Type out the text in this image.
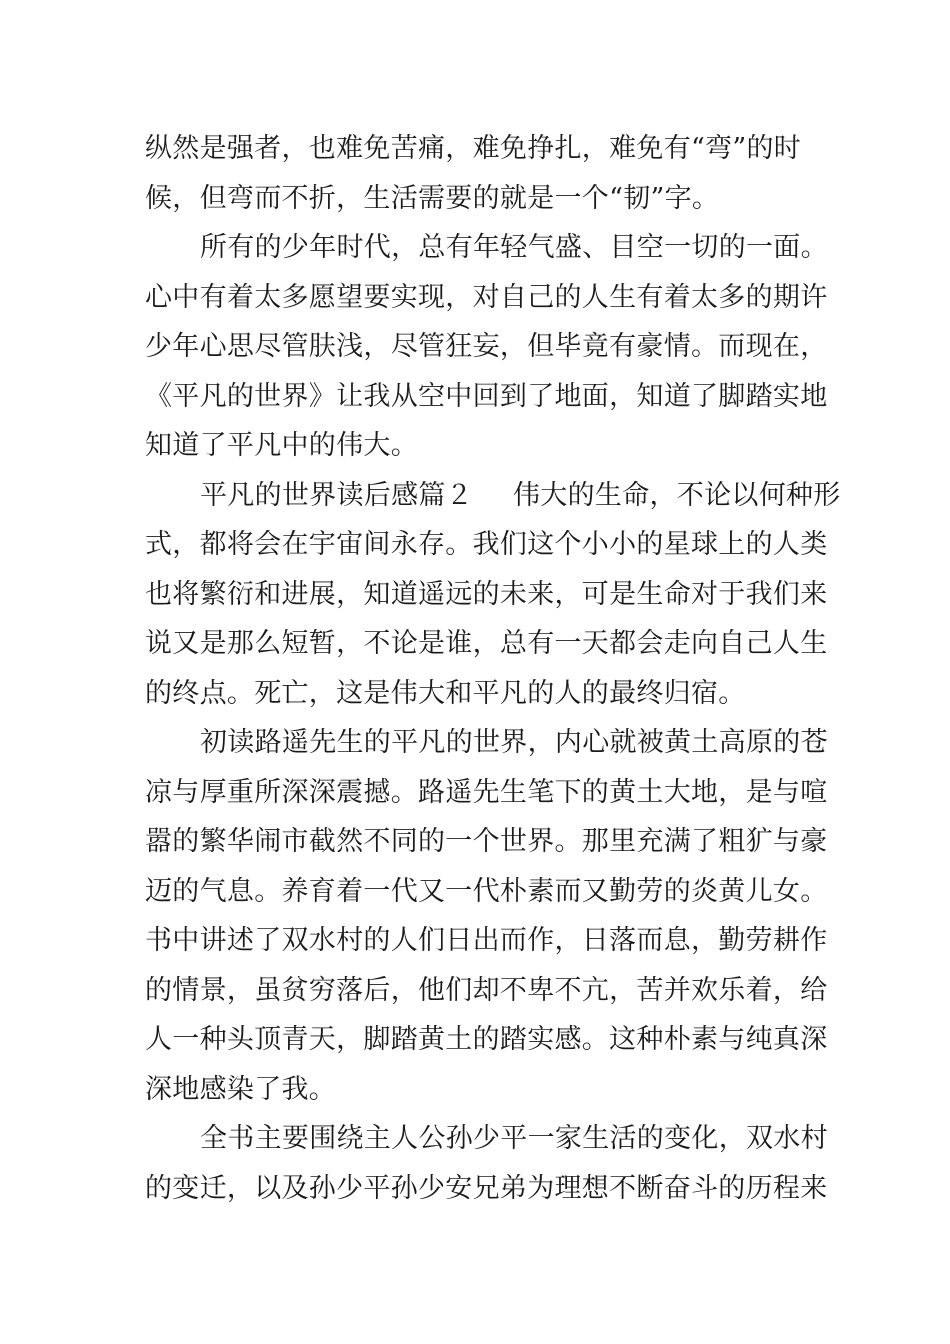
纵然是强者，也难免苦痛，难免挣扎，难免有“弯”的时
候，但弯而不折，生活需要的就是一个“韧”字。
所有的少年时代，总有年轻气盛、目空一切的一面。
心中有着太多愿望要实现，对自己的人生有着太多的期许
少年心思尽管肤浅，尽管狂妄，但毕竟有豪情。而现在，
《平凡的世界》让我从空中回到了地面，知道了脚踏实地
知道了平凡中的伟大。
平凡的世界读后感篇２ 伟大的生命，不论以何种形
式，都将会在宇宙间永存。我们这个小小的星球上的人类
也将繁衍和进展，知道遥远的未来，可是生命对于我们来
说又是那么短暂，不论是谁，总有一天都会走向自己人生
的终点。死亡，这是伟大和平凡的人的最终归宿。
初读路遥先生的平凡的世界，内心就被黄土高原的苍
凉与厚重所深深震撼。路遥先生笔下的黄土大地，是与喧
嚣的繁华闹市截然不同的一个世界。那里充满了粗犷与豪
迈的气息。养育着一代又一代朴素而又勤劳的炎黄儿女。
书中讲述了双水村的人们日出而作，日落而息，勤劳耕作
的情景，虽贫穷落后，他们却不卑不亢，苦并欢乐着，给
人一种头顶青天，脚踏黄土的踏实感。这种朴素与纯真深
深地感染了我。
全书主要围绕主人公孙少平一家生活的变化，双水村
的变迁，以及孙少平孙少安兄弟为理想不断奋斗的历程来
